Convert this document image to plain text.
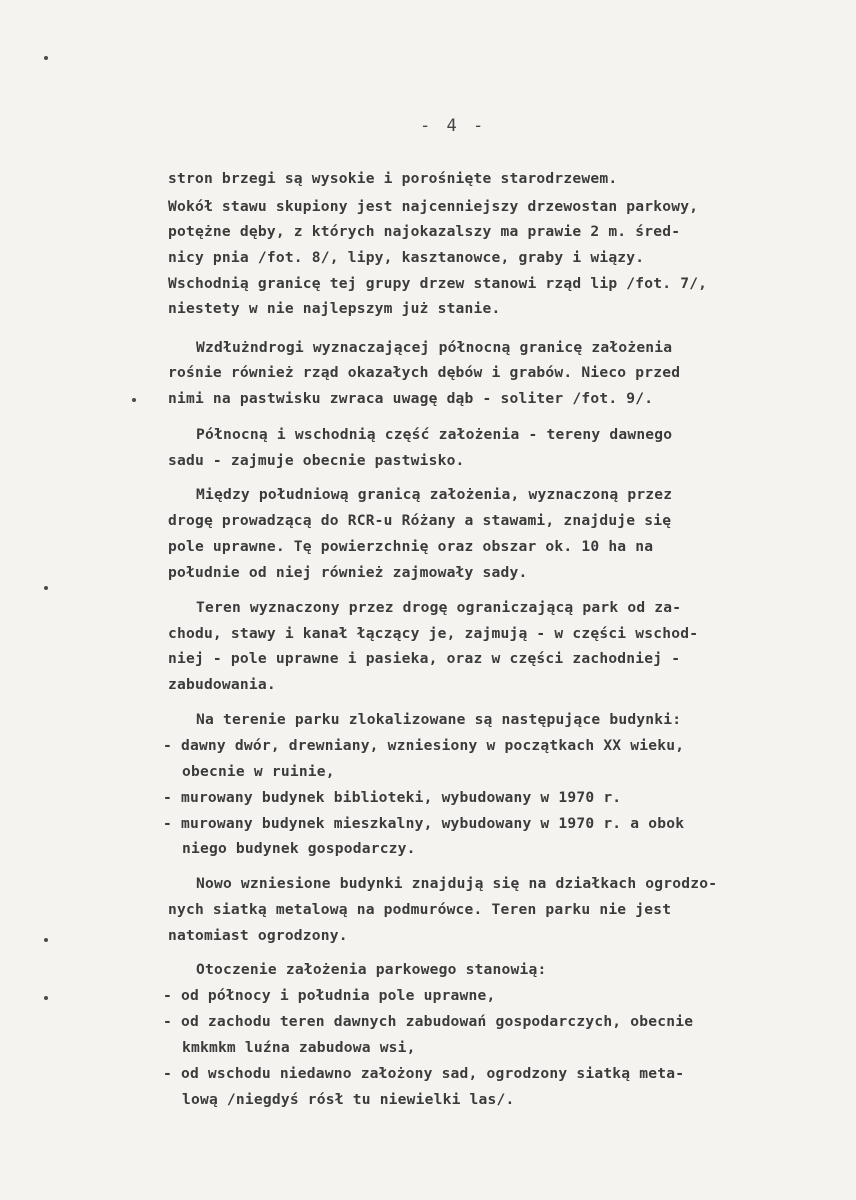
- 4 -
stron brzegi są wysokie i porośnięte starodrzewem.
Wokół stawu skupiony jest najcenniejszy drzewostan parkowy,
potężne dęby, z których najokazalszy ma prawie 2 m. śred-
nicy pnia /fot. 8/, lipy, kasztanowce, graby i wiązy.
Wschodnią granicę tej grupy drzew stanowi rząd lip /fot. 7/,
niestety w nie najlepszym już stanie.
Wzdłużndrogi wyznaczającej północną granicę założenia
rośnie również rząd okazałych dębów i grabów. Nieco przed
nimi na pastwisku zwraca uwagę dąb - soliter /fot. 9/.
Północną i wschodnią część założenia - tereny dawnego
sadu - zajmuje obecnie pastwisko.
Między południową granicą założenia, wyznaczoną przez
drogę prowadzącą do RCR-u Różany a stawami, znajduje się
pole uprawne. Tę powierzchnię oraz obszar ok. 10 ha na
południe od niej również zajmowały sady.
Teren wyznaczony przez drogę ograniczającą park od za-
chodu, stawy i kanał łączący je, zajmują - w części wschod-
niej - pole uprawne i pasieka, oraz w części zachodniej -
zabudowania.
Na terenie parku zlokalizowane są następujące budynki:
- dawny dwór, drewniany, wzniesiony w początkach XX wieku,
obecnie w ruinie,
- murowany budynek biblioteki, wybudowany w 1970 r.
- murowany budynek mieszkalny, wybudowany w 1970 r. a obok
niego budynek gospodarczy.
Nowo wzniesione budynki znajdują się na działkach ogrodzo-
nych siatką metalową na podmurówce. Teren parku nie jest
natomiast ogrodzony.
Otoczenie założenia parkowego stanowią:
- od północy i południa pole uprawne,
- od zachodu teren dawnych zabudowań gospodarczych, obecnie
kmkmkm luźna zabudowa wsi,
- od wschodu niedawno założony sad, ogrodzony siatką meta-
lową /niegdyś rósł tu niewielki las/.
